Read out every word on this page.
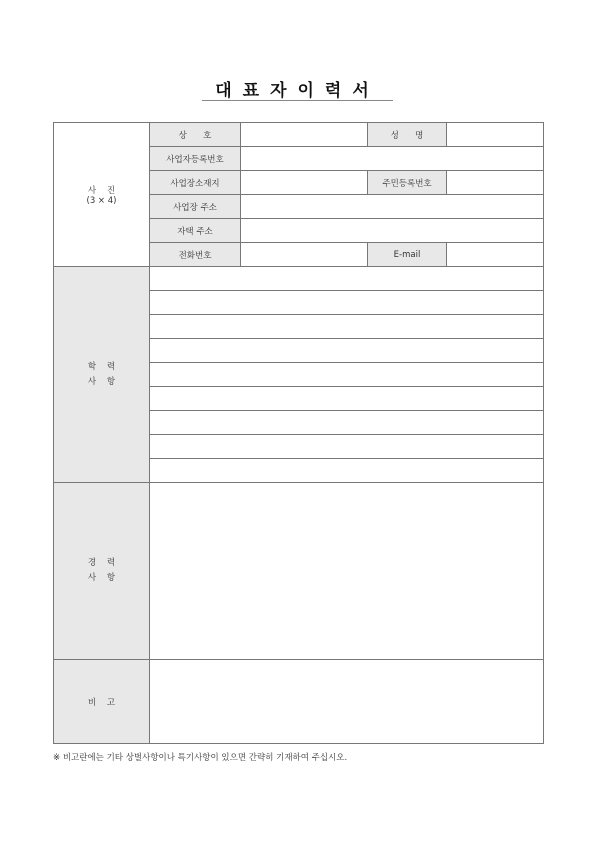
대표자이력서
사    진
(3 × 4)	상      호		성      명	
	사업자등록번호			
	사업장소재지		주민등록번호	
	사업장 주소			
	자택 주소			
	전화번호		E-mail	

학    력
사    항				

경    력
사    항				

비    고				
※ 비고란에는 기타 상벌사항이나 특기사항이 있으면 간략히 기재하여 주십시오.
